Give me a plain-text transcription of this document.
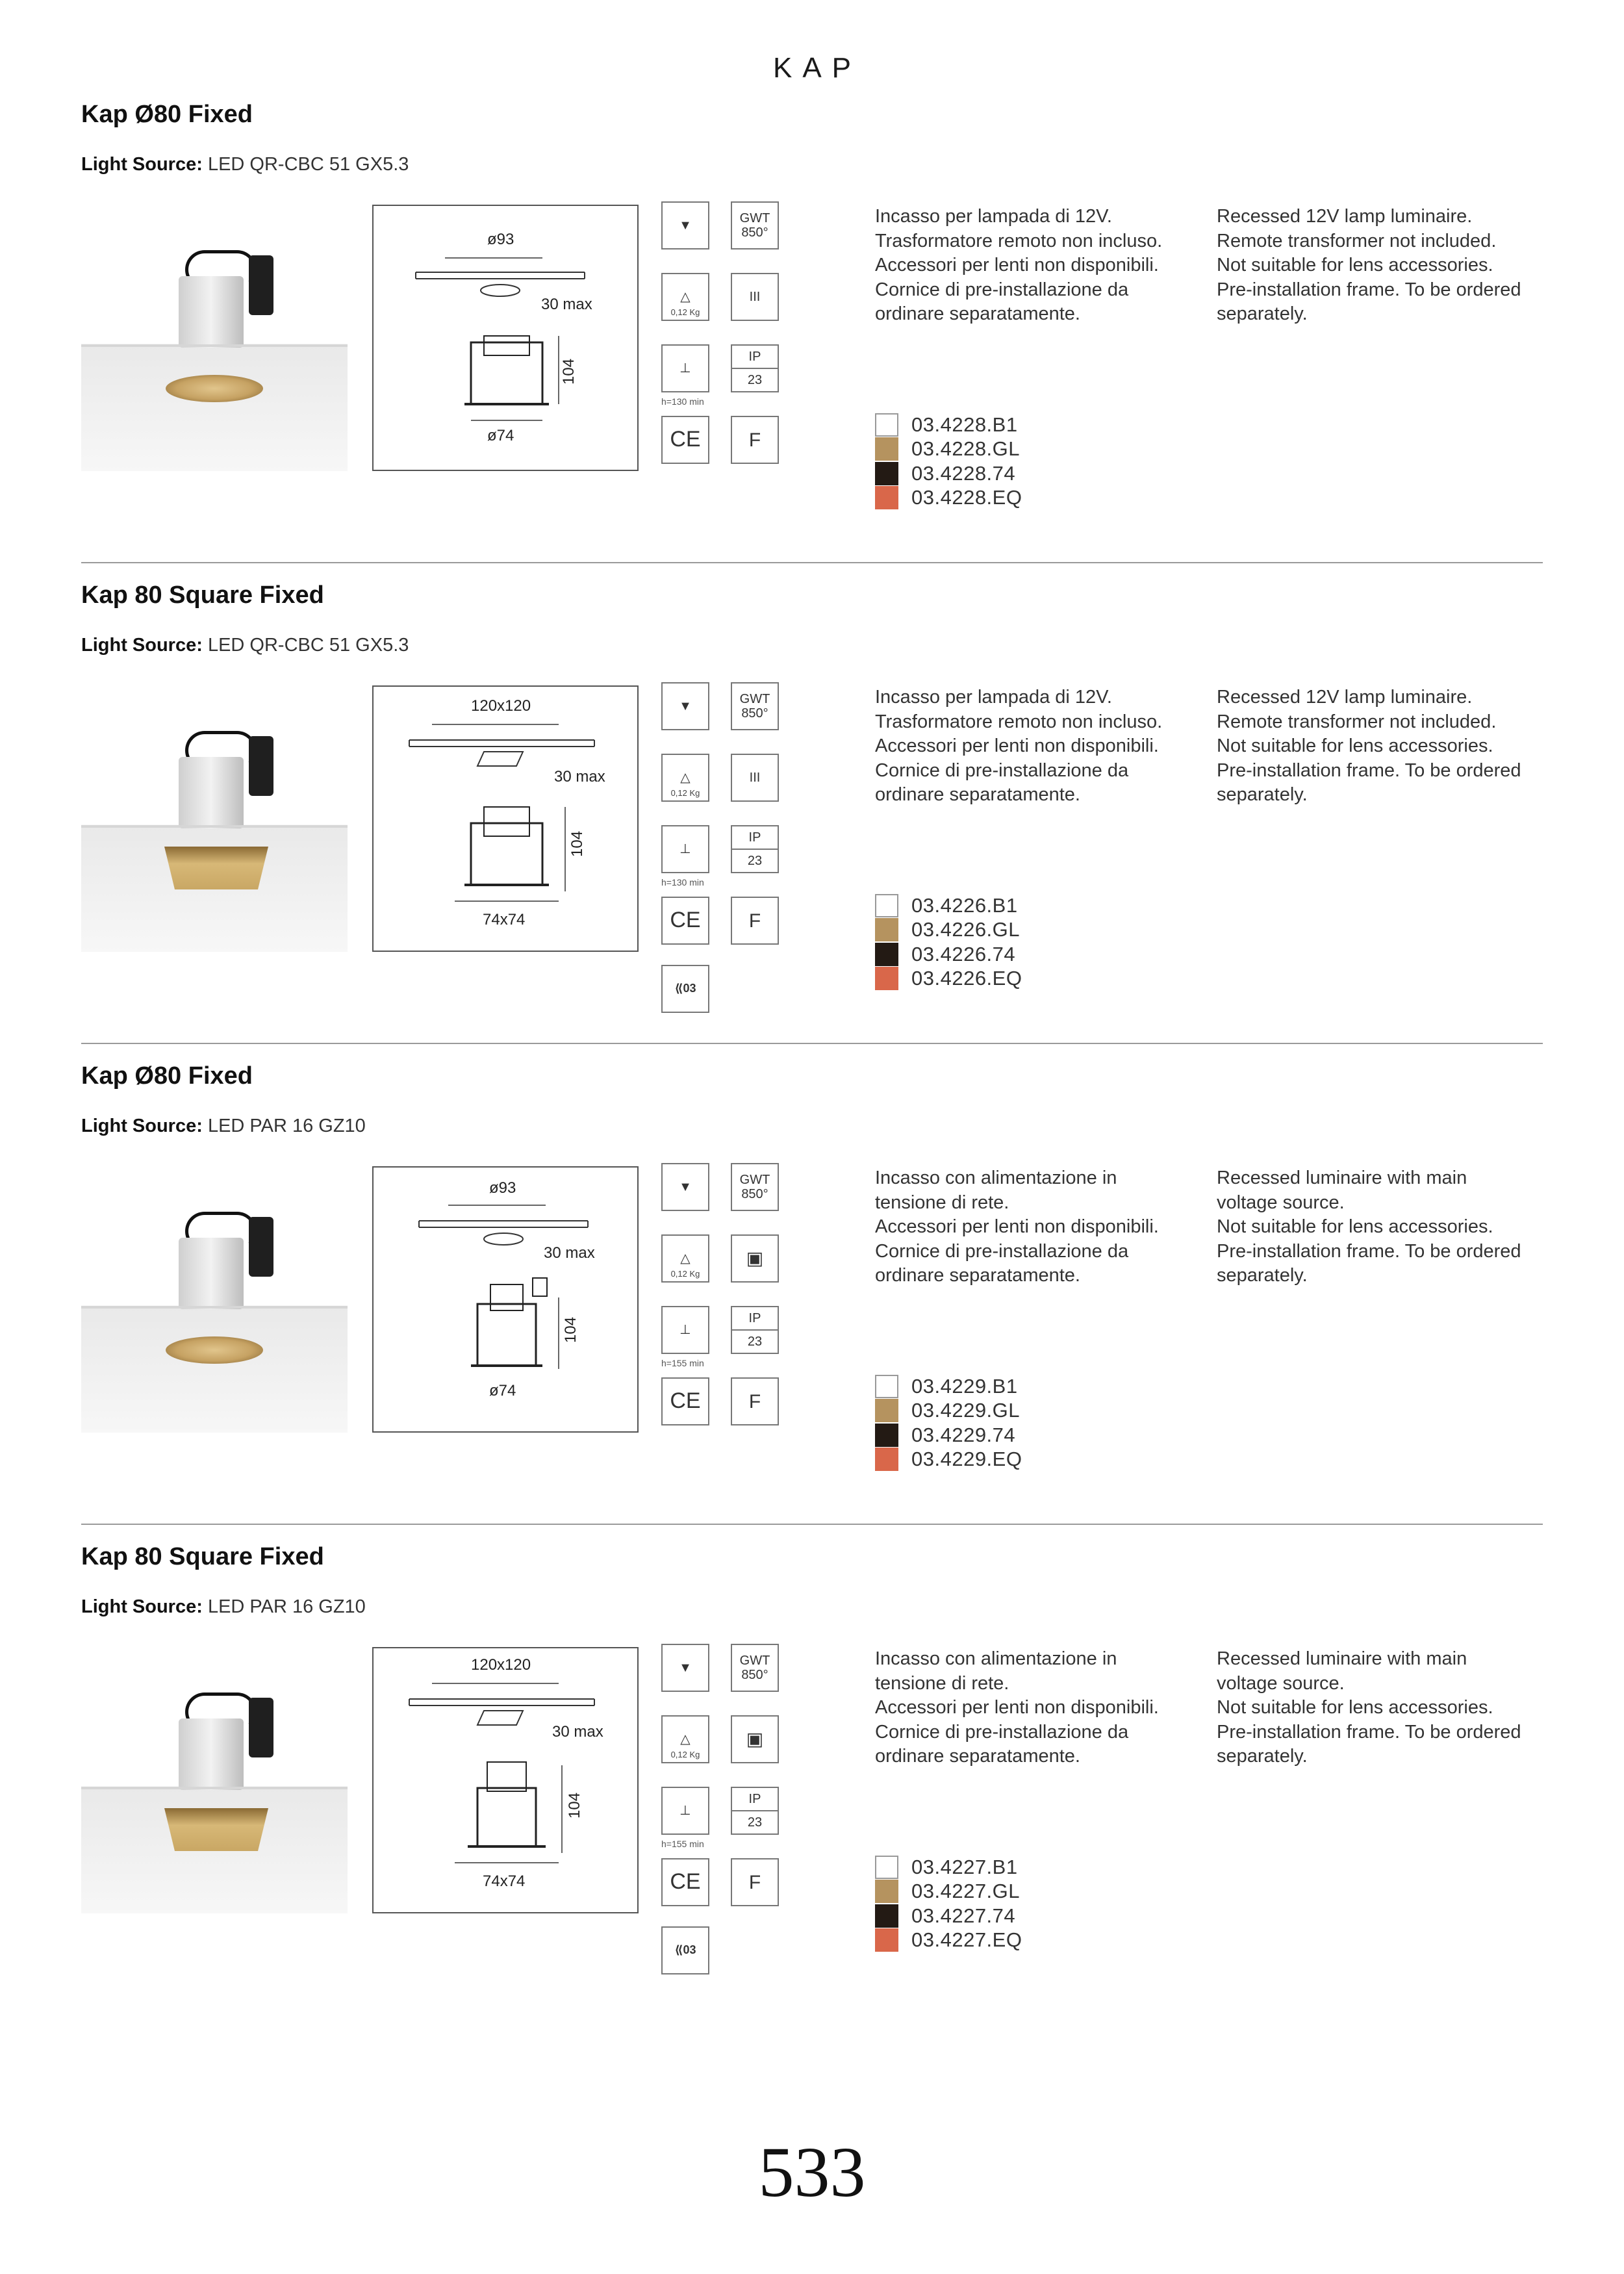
KAP
Kap Ø80 Fixed
Light Source: LED QR-CBC 51 GX5.3
ø93
30 max
104
ø74
▼	GWT
850°
△
0,12 Kg
III
⊥
h=130 min
IP
23
CE F

Incasso per lampada di 12V.

Trasformatore remoto non incluso.

Accessori per lenti non disponibili.

Cornice di pre-installazione da

ordinare separatamente.

Recessed 12V lamp luminaire.

Remote transformer not included.

Not suitable for lens accessories.

Pre-installation frame. To be ordered

separately.

03.4228.B1
03.4228.GL
03.4228.74
03.4228.EQ
Kap 80 Square Fixed
Light Source: LED QR-CBC 51 GX5.3
120x120
30 max
104
74x74
▼	GWT
850°
△
0,12 Kg
III
⊥
h=130 min
IP
23
CE F
⟪ 03

Incasso per lampada di 12V.

Trasformatore remoto non incluso.

Accessori per lenti non disponibili.

Cornice di pre-installazione da

ordinare separatamente.

Recessed 12V lamp luminaire.

Remote transformer not included.

Not suitable for lens accessories.

Pre-installation frame. To be ordered

separately.

03.4226.B1
03.4226.GL
03.4226.74
03.4226.EQ
Kap Ø80 Fixed
Light Source: LED PAR 16 GZ10
ø93
30 max
104
ø74
▼	GWT
850°
△
0,12 Kg
▣
⊥
h=155 min
IP
23
CE F

Incasso con alimentazione in

tensione di rete.

Accessori per lenti non disponibili.

Cornice di pre-installazione da

ordinare separatamente.

Recessed luminaire with main

voltage source.

Not suitable for lens accessories.

Pre-installation frame. To be ordered

separately.

03.4229.B1
03.4229.GL
03.4229.74
03.4229.EQ
Kap 80 Square Fixed
Light Source: LED PAR 16 GZ10
120x120
30 max
104
74x74
▼	GWT
850°
△
0,12 Kg
▣
⊥
h=155 min
IP
23
CE F
⟪ 03

Incasso con alimentazione in

tensione di rete.

Accessori per lenti non disponibili.

Cornice di pre-installazione da

ordinare separatamente.

Recessed luminaire with main

voltage source.

Not suitable for lens accessories.

Pre-installation frame. To be ordered

separately.

03.4227.B1
03.4227.GL
03.4227.74
03.4227.EQ
533
